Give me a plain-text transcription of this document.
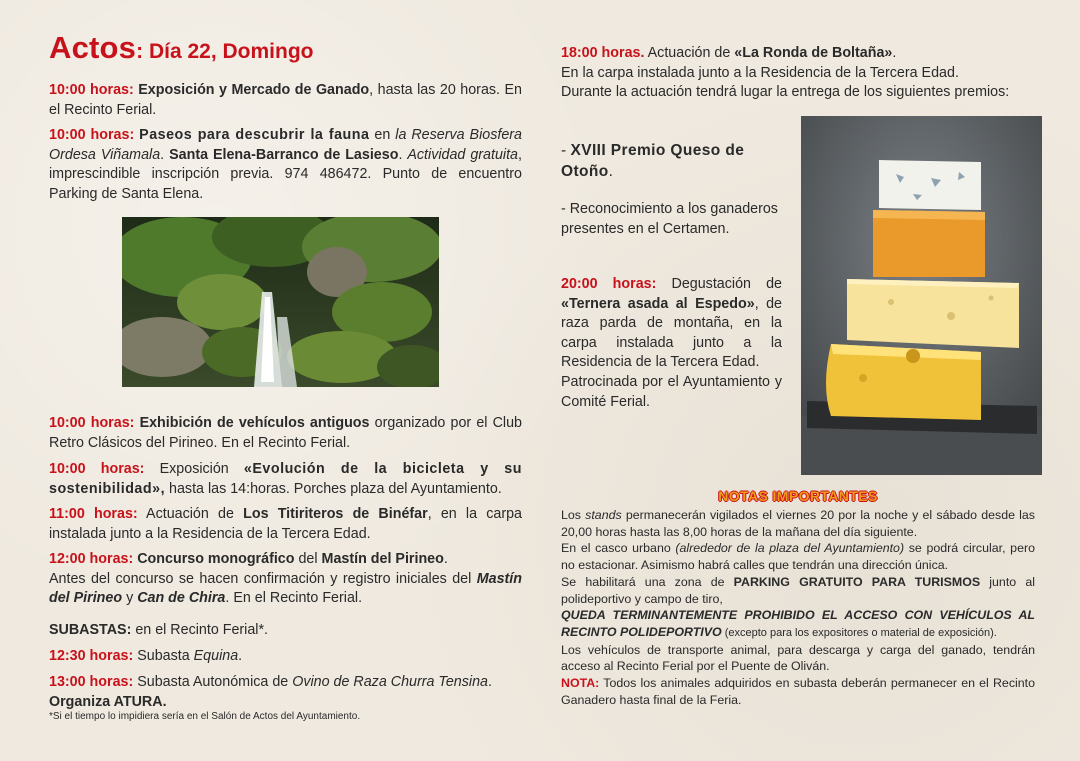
Actos: Día 22, Domingo
10:00 horas: Exposición y Mercado de Ganado, hasta las 20 horas. En el Recinto Ferial.
10:00 horas: Paseos para descubrir la fauna en la Reserva Biosfera Ordesa Viñamala. Santa Elena-Barranco de Lasieso. Actividad gratuita, imprescindible inscripción previa. 974 486472. Punto de encuentro Parking de Santa Elena.
10:00 horas: Exhibición de vehículos antiguos organizado por el Club Retro Clásicos del Pirineo. En el Recinto Ferial.
10:00 horas: Exposición «Evolución de la bicicleta y su sostenibilidad», hasta las 14:horas. Porches plaza del Ayuntamiento.
11:00 horas: Actuación de Los Titiriteros de Binéfar, en la carpa instalada junto a la Residencia de la Tercera Edad.
12:00 horas: Concurso monográfico del Mastín del Pirineo.
Antes del concurso se hacen confirmación y registro iniciales del Mastín del Pirineo y Can de Chira. En el Recinto Ferial.
SUBASTAS: en el Recinto Ferial*.
12:30 horas: Subasta Equina.
13:00 horas: Subasta Autonómica de Ovino de Raza Churra Tensina.
Organiza ATURA.
*Si el tiempo lo impidiera sería en el Salón de Actos del Ayuntamiento.
18:00 horas. Actuación de «La Ronda de Boltaña».
En la carpa instalada junto a la Residencia de la Tercera Edad.
Durante la actuación tendrá lugar la entrega de los siguientes premios:
- XVIII Premio Queso de Otoño.
- Reconocimiento a los ganaderos presentes en el Certamen.
20:00 horas: Degustación de «Ternera asada al Espedo», de raza parda de montaña, en la carpa instalada junto a la Residencia de la Tercera Edad.
Patrocinada por el Ayuntamiento y Comité Ferial.
NOTAS IMPORTANTES

Los stands permanecerán vigilados el viernes 20 por la noche y el sábado desde las 20,00 horas hasta las 8,00 horas de la mañana del día siguiente.

En el casco urbano (alrededor de la plaza del Ayuntamiento) se podrá circular, pero no estacionar. Asimismo habrá calles que tendrán una dirección única.

Se habilitará una zona de PARKING GRATUITO PARA TURISMOS junto al polideportivo y campo de tiro,

QUEDA TERMINANTEMENTE PROHIBIDO EL ACCESO CON VEHÍCULOS AL RECINTO POLIDEPORTIVO (excepto para los expositores o material de exposición).

Los vehículos de transporte animal, para descarga y carga del ganado, tendrán acceso al Recinto Ferial por el Puente de Oliván.

NOTA: Todos los animales adquiridos en subasta deberán permanecer en el Recinto Ganadero hasta final de la Feria.
